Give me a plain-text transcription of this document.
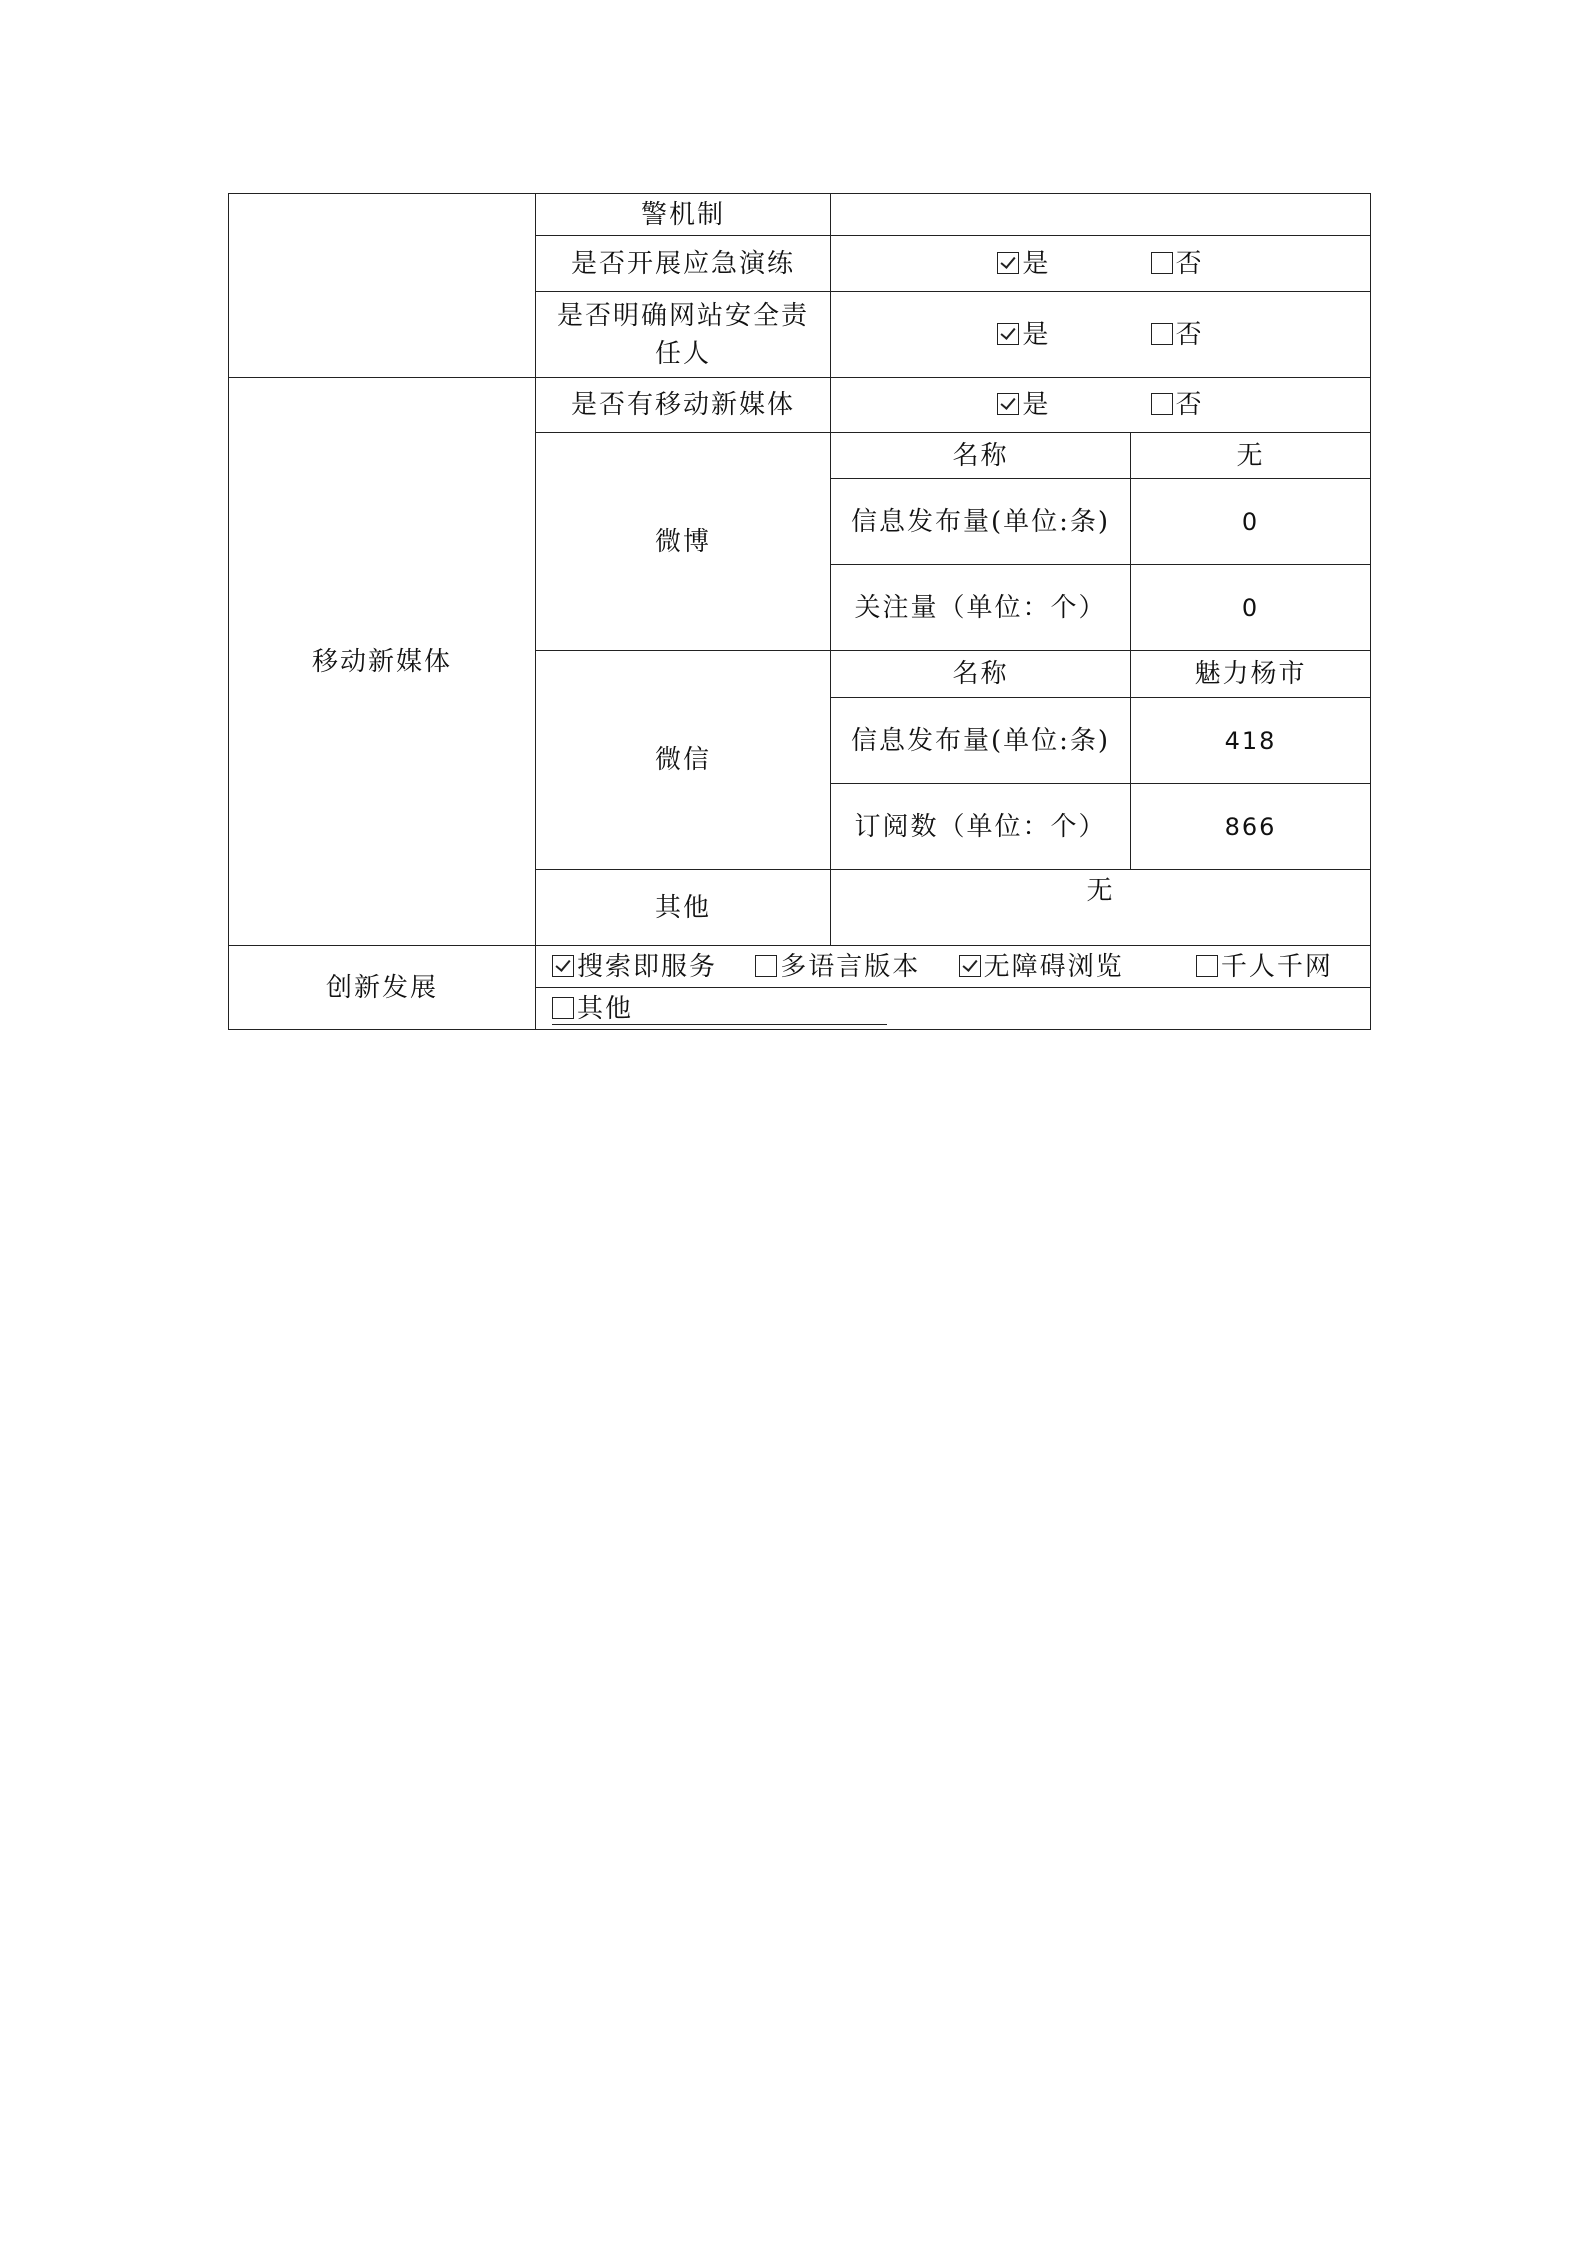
	警机制		
	是否开展应急演练	是 否	
	是否明确网站安全责任人	是 否	
移动新媒体	是否有移动新媒体	是 否	
	微博	名称	无
		信息发布量(单位:条)	0
		关注量（单位：个）	0
	微信	名称	魅力杨市
		信息发布量(单位:条)	418
		订阅数（单位：个）	866
	其他	无	
创新发展	搜索即服务 多语言版本 无障碍浏览 千人千网		
	其他		
